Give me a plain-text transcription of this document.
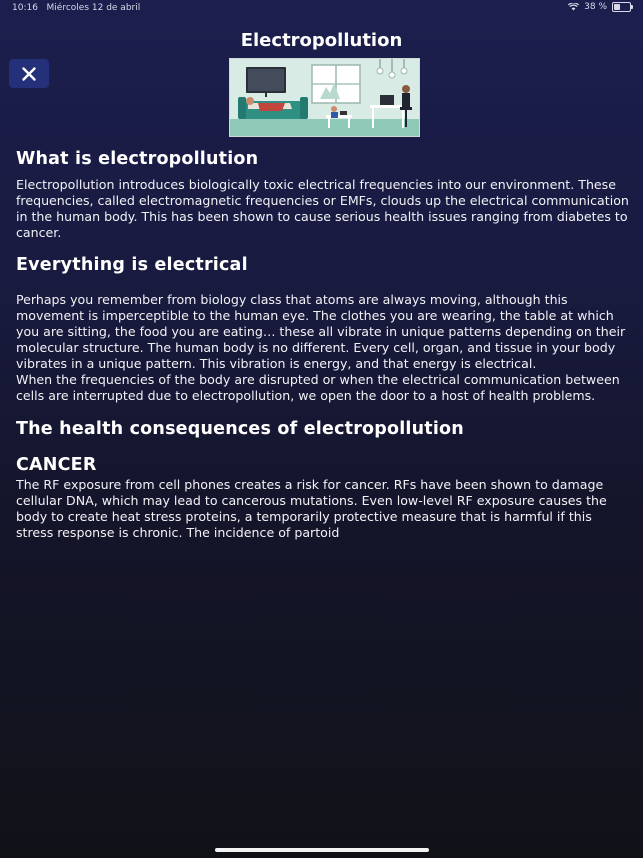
10:16 Miércoles 12 de abril	38 %
Electropollution
What is electropollution

Electropollution introduces biologically toxic electrical frequencies into our environment. These frequencies, called electromagnetic frequencies or EMFs, clouds up the electrical communication in the human body. This has been shown to cause serious health issues ranging from diabetes to cancer.

Everything is electrical

Perhaps you remember from biology class that atoms are always moving, although this movement is imperceptible to the human eye. The clothes you are wearing, the table at which you are sitting, the food you are eating… these all vibrate in unique patterns depending on their molecular structure. The human body is no different. Every cell, organ, and tissue in your body vibrates in a unique pattern. This vibration is energy, and that energy is electrical.

When the frequencies of the body are disrupted or when the electrical communication between cells are interrupted due to electropollution, we open the door to a host of health problems.

The health consequences of electropollution
CANCER

The RF exposure from cell phones creates a risk for cancer. RFs have been shown to damage cellular DNA, which may lead to cancerous mutations. Even low-level RF exposure causes the body to create heat stress proteins, a temporarily protective measure that is harmful if this stress response is chronic. The incidence of partoid
